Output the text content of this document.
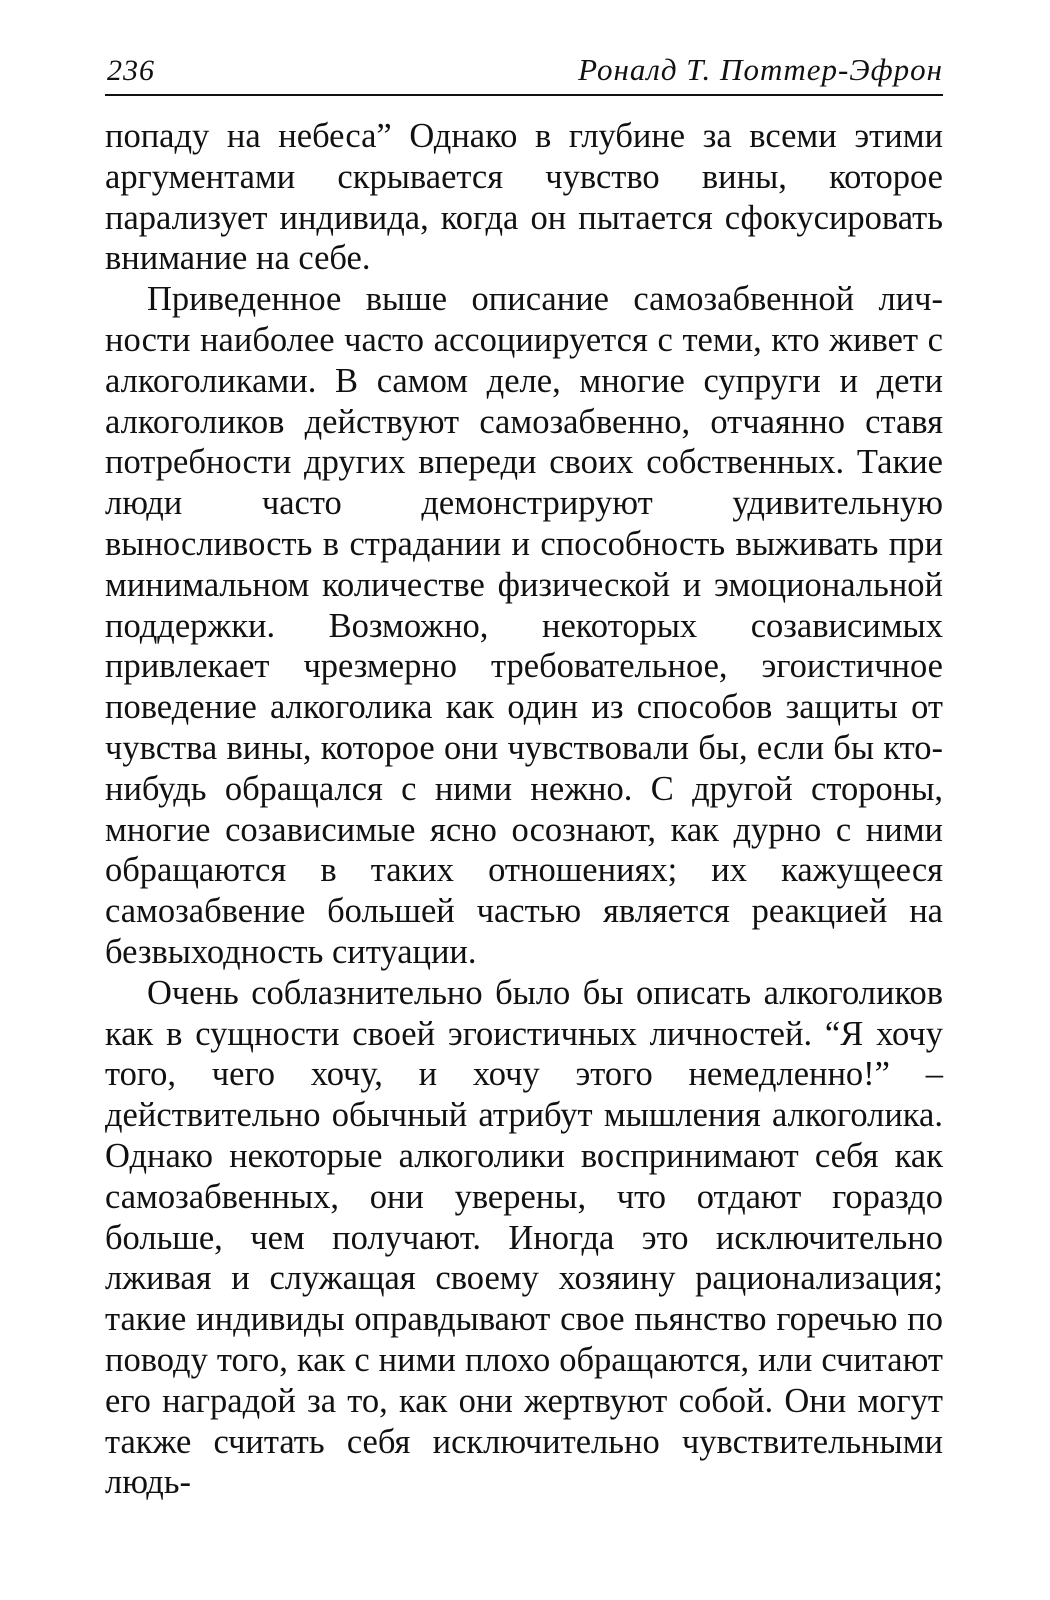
236	Роналд Т. Поттер-Эфрон

попаду на небеса” Однако в глубине за всеми этими аргументами скрывается чувство вины, которое парализует индивида, когда он пытается сфокусировать внимание на себе.

Приведенное выше описание самозабвенной личности наиболее часто ассоциируется с теми, кто живет с алкоголиками. В самом деле, многие супруги и дети алкоголиков действуют самозабвенно, отчаянно ставя потребности других впереди своих собственных. Такие люди часто демонстрируют удивительную выносливость в страдании и способность выживать при минимальном количестве физической и эмоциональной поддержки. Возможно, некоторых созависимых привлекает чрезмерно требовательное, эгоистичное поведение алкоголика как один из способов защиты от чувства вины, которое они чувствовали бы, если бы кто-нибудь обращался с ними нежно. С другой стороны, многие созависимые ясно осознают, как дурно с ними обращаются в таких отношениях; их кажущееся самозабвение большей частью является реакцией на безвыходность ситуации.

Очень соблазнительно было бы описать алкоголиков как в сущности своей эгоистичных личностей. “Я хочу того, чего хочу, и хочу этого немедленно!” – действительно обычный атрибут мышления алкоголика. Однако некоторые алкоголики воспринимают себя как самозабвенных, они уверены, что отдают гораздо больше, чем получают. Иногда это исключительно лживая и служащая своему хозяину рационализация; такие индивиды оправдывают свое пьянство горечью по поводу того, как с ними плохо обращаются, или считают его наградой за то, как они жертвуют собой. Они могут также считать себя исключительно чувствительными людь-
